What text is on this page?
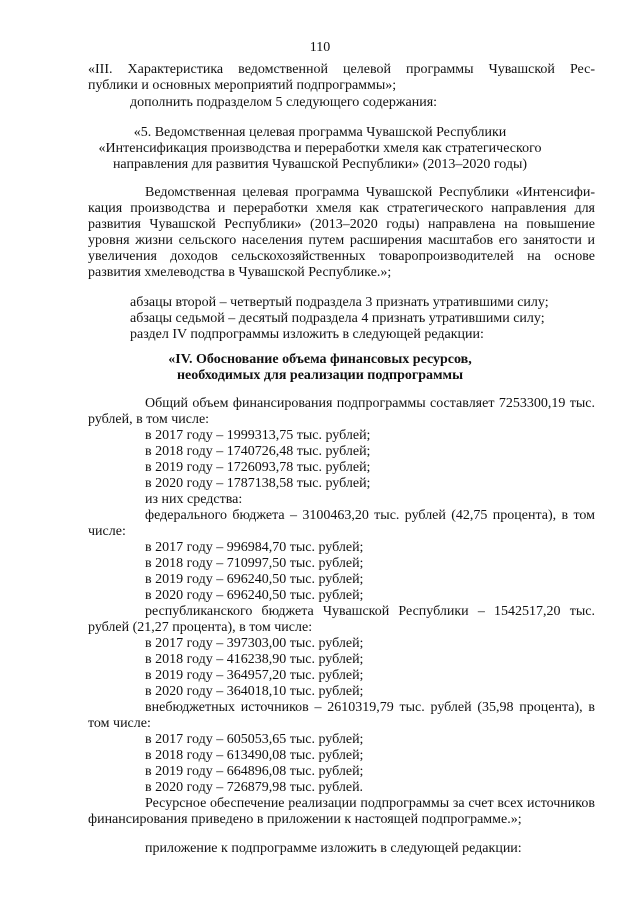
110

«III. Характеристика ведомственной целевой программы Чувашской Рес-

публики и основных мероприятий подпрограммы»;

дополнить подразделом 5 следующего содержания:

«5. Ведомственная целевая программа Чувашской Республики

«Интенсификация производства и переработки хмеля как стратегического

направления для развития Чувашской Республики» (2013–2020 годы)

Ведомственная целевая программа Чувашской Республики «Интенсифи-

кация производства и переработки хмеля как стратегического направления для

развития Чувашской Республики» (2013–2020 годы) направлена на повышение

уровня жизни сельского населения путем расширения масштабов его занятости и

увеличения доходов сельскохозяйственных товаропроизводителей на основе

развития хмелеводства в Чувашской Республике.»;

абзацы второй – четвертый подраздела 3 признать утратившими силу;

абзацы седьмой – десятый подраздела 4 признать утратившими силу;

раздел IV подпрограммы изложить в следующей редакции:

«IV. Обоснование объема финансовых ресурсов,

необходимых для реализации подпрограммы

Общий объем финансирования подпрограммы составляет 7253300,19 тыс.

рублей, в том числе:

в 2017 году – 1999313,75 тыс. рублей;

в 2018 году – 1740726,48 тыс. рублей;

в 2019 году – 1726093,78 тыс. рублей;

в 2020 году – 1787138,58 тыс. рублей;

из них средства:

федерального бюджета – 3100463,20 тыс. рублей (42,75 процента), в том

числе:

в 2017 году – 996984,70 тыс. рублей;

в 2018 году – 710997,50 тыс. рублей;

в 2019 году – 696240,50 тыс. рублей;

в 2020 году – 696240,50 тыс. рублей;

республиканского бюджета Чувашской Республики – 1542517,20 тыс.

рублей (21,27 процента), в том числе:

в 2017 году – 397303,00 тыс. рублей;

в 2018 году – 416238,90 тыс. рублей;

в 2019 году – 364957,20 тыс. рублей;

в 2020 году – 364018,10 тыс. рублей;

внебюджетных источников – 2610319,79 тыс. рублей (35,98 процента), в

том числе:

в 2017 году – 605053,65 тыс. рублей;

в 2018 году – 613490,08 тыс. рублей;

в 2019 году – 664896,08 тыс. рублей;

в 2020 году – 726879,98 тыс. рублей.

Ресурсное обеспечение реализации подпрограммы за счет всех источников

финансирования приведено в приложении к настоящей подпрограмме.»;

приложение к подпрограмме изложить в следующей редакции:
